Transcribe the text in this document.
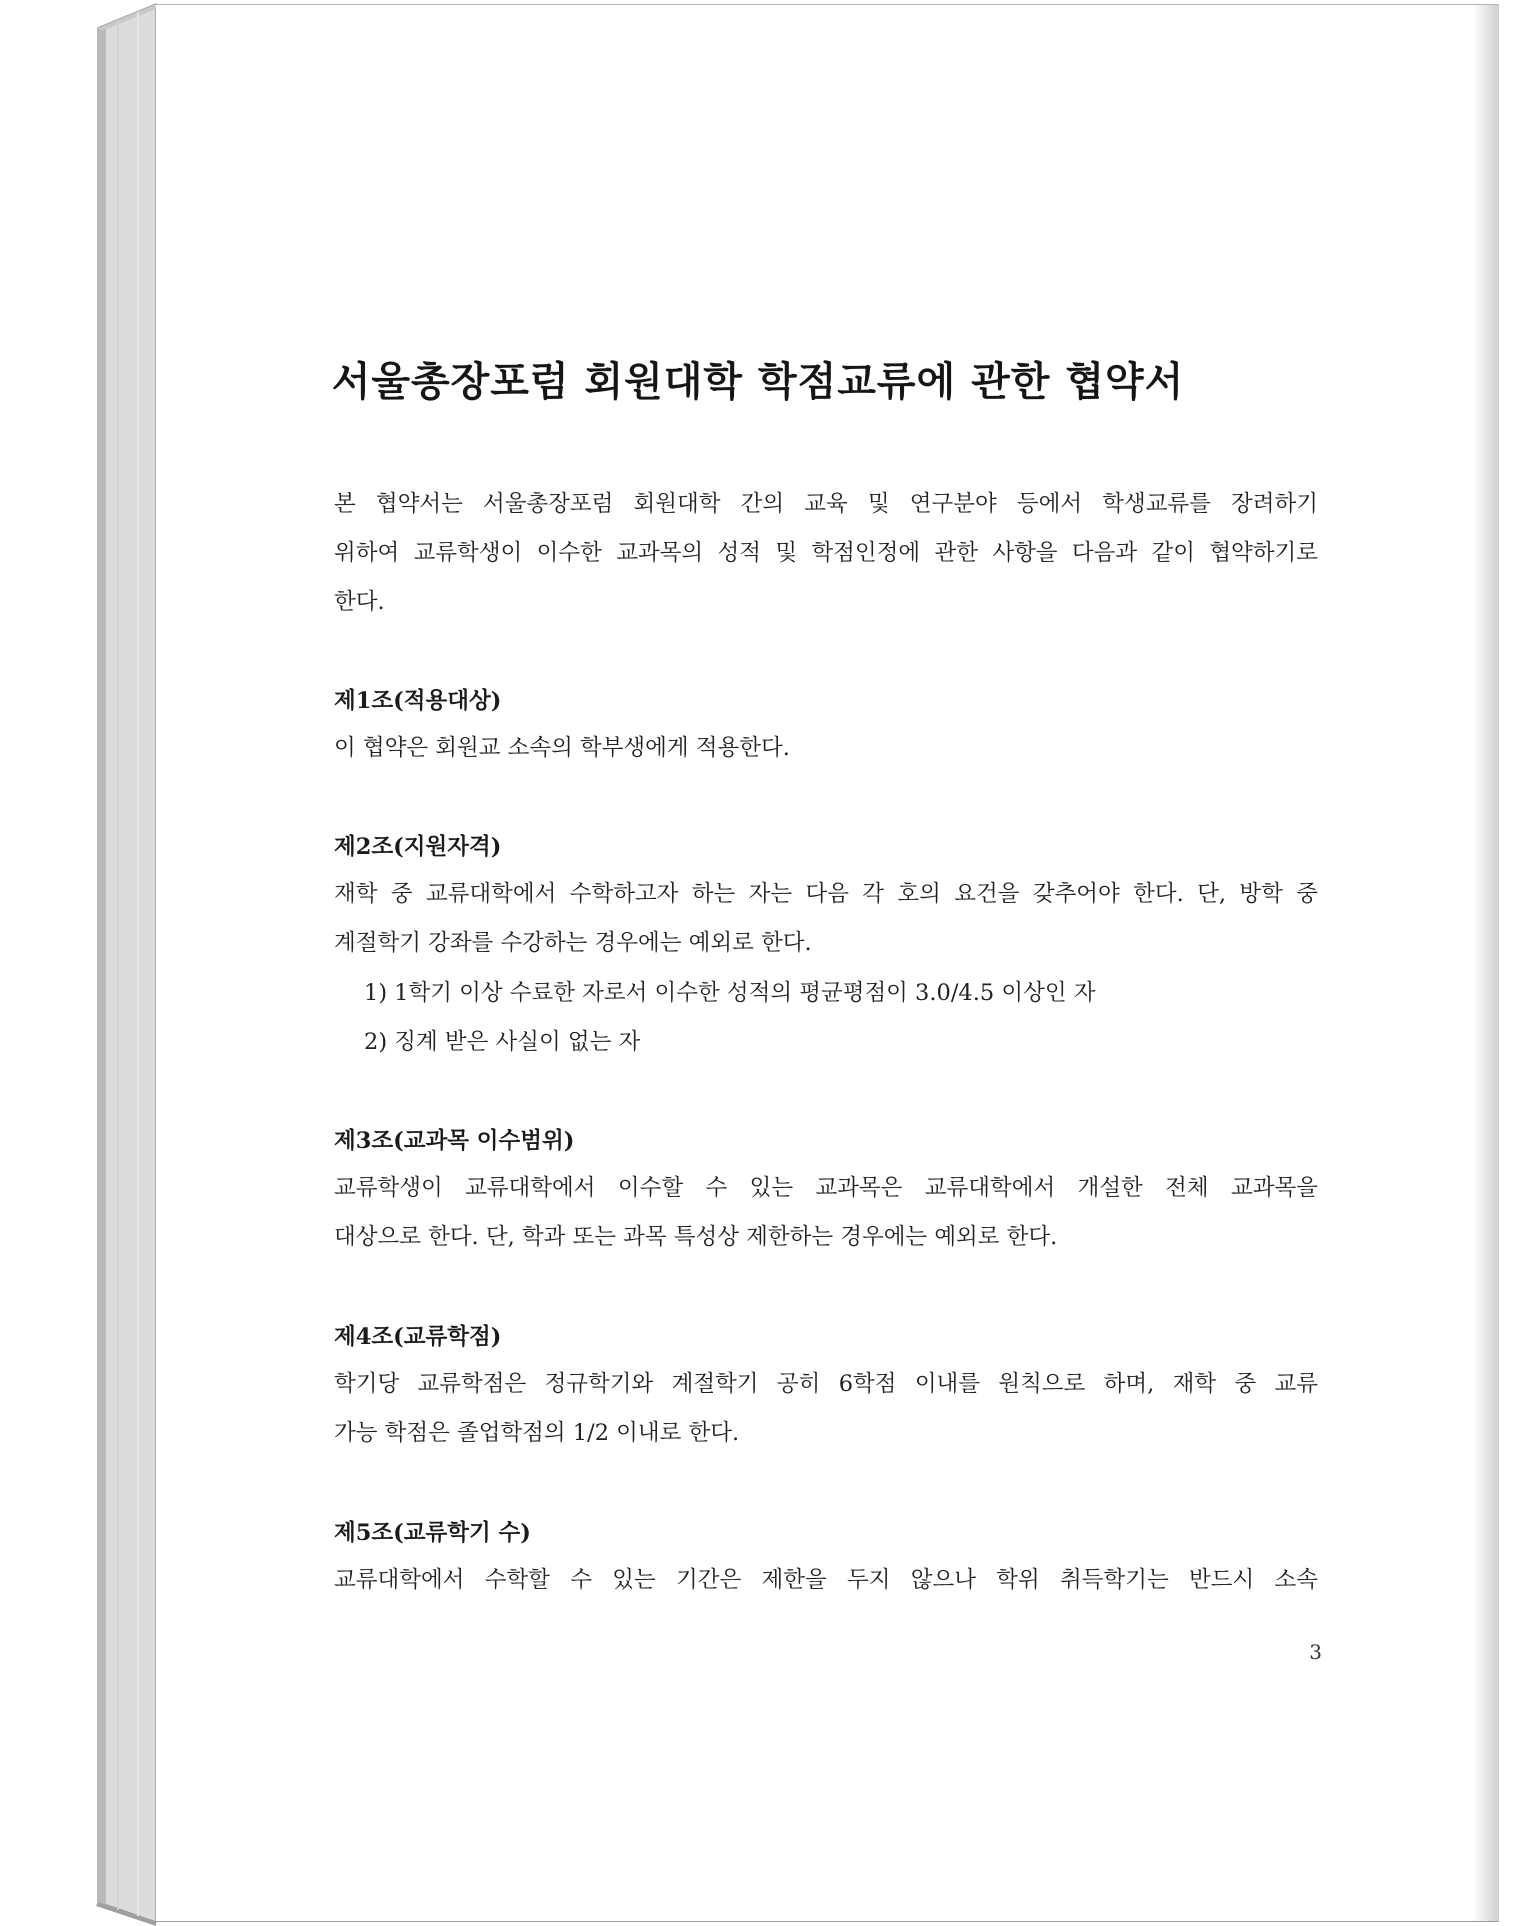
서울총장포럼 회원대학 학점교류에 관한 협약서

본 협약서는 서울총장포럼 회원대학 간의 교육 및 연구분야 등에서 학생교류를 장려하기

위하여 교류학생이 이수한 교과목의 성적 및 학점인정에 관한 사항을 다음과 같이 협약하기로

한다.

제1조(적용대상)

이 협약은 회원교 소속의 학부생에게 적용한다.

제2조(지원자격)

재학 중 교류대학에서 수학하고자 하는 자는 다음 각 호의 요건을 갖추어야 한다. 단, 방학 중

계절학기 강좌를 수강하는 경우에는 예외로 한다.

1) 1학기 이상 수료한 자로서 이수한 성적의 평균평점이 3.0/4.5 이상인 자

2) 징계 받은 사실이 없는 자

제3조(교과목 이수범위)

교류학생이 교류대학에서 이수할 수 있는 교과목은 교류대학에서 개설한 전체 교과목을

대상으로 한다. 단, 학과 또는 과목 특성상 제한하는 경우에는 예외로 한다.

제4조(교류학점)

학기당 교류학점은 정규학기와 계절학기 공히 6학점 이내를 원칙으로 하며, 재학 중 교류

가능 학점은 졸업학점의 1/2 이내로 한다.

제5조(교류학기 수)

교류대학에서 수학할 수 있는 기간은 제한을 두지 않으나 학위 취득학기는 반드시 소속

3
